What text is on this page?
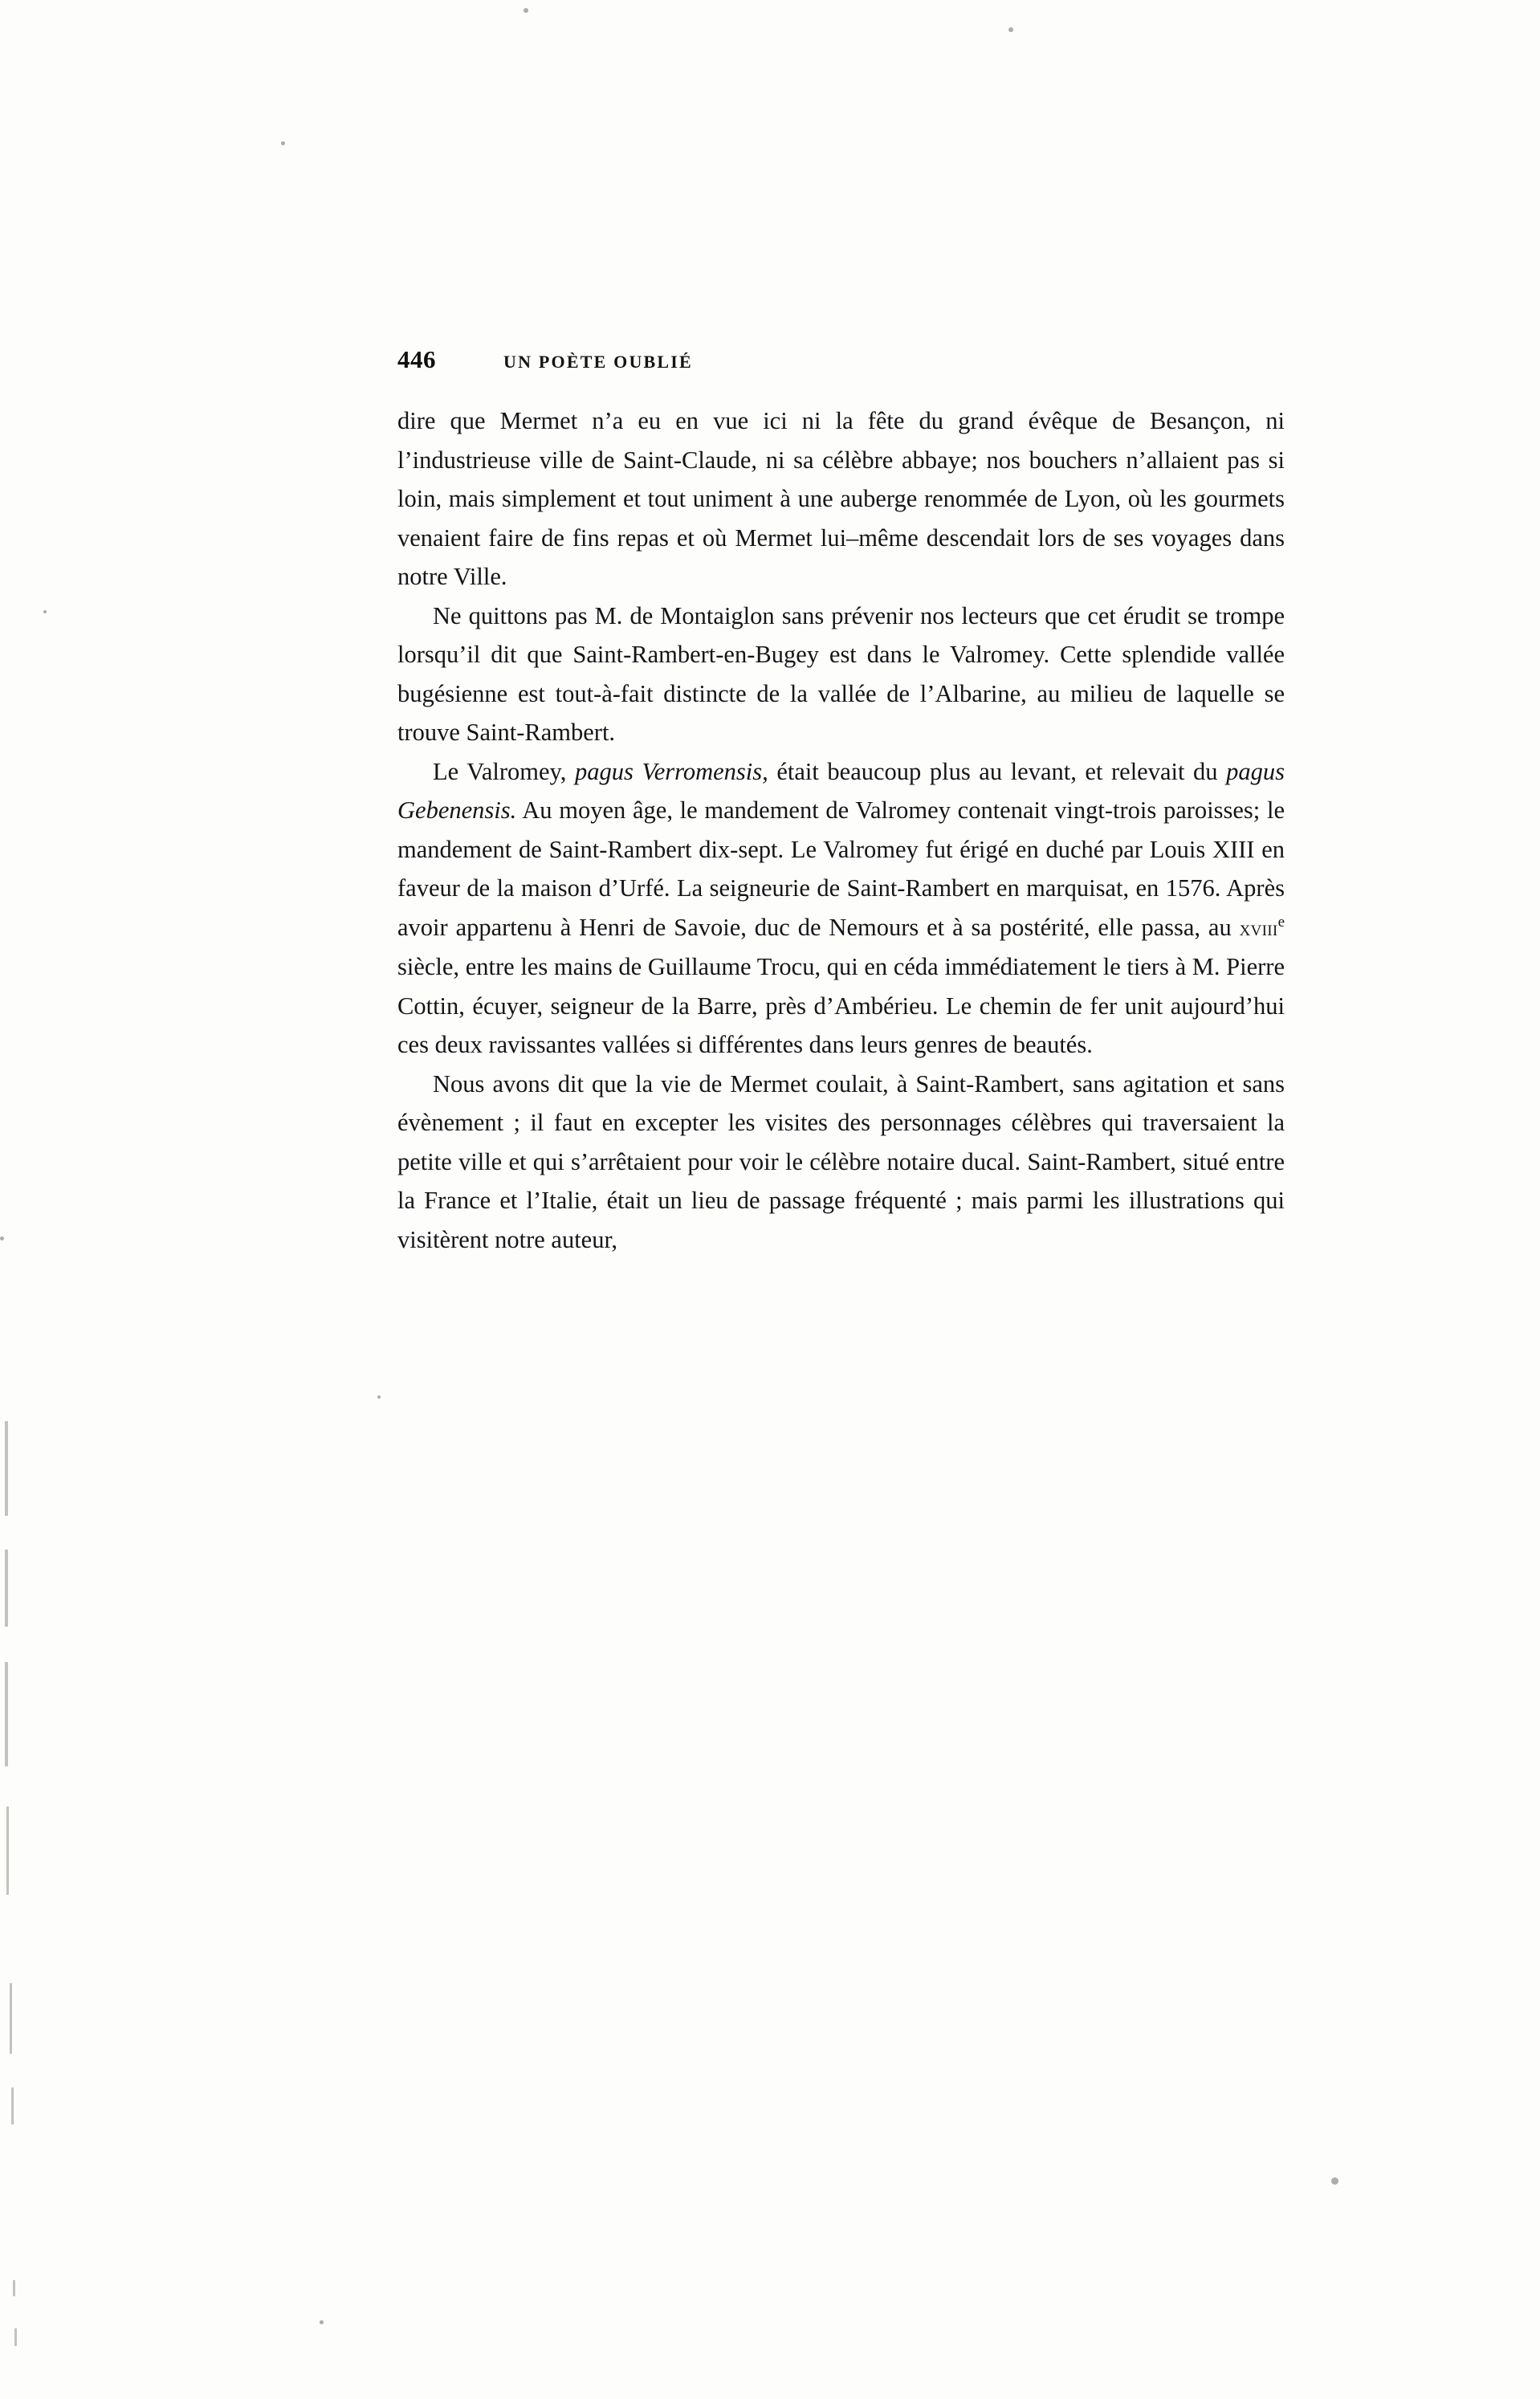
446	UN POÈTE OUBLIÉ

dire que Mermet n’a eu en vue ici ni la fête du grand évêque de Besançon, ni l’industrieuse ville de Saint-Claude, ni sa célèbre abbaye; nos bouchers n’allaient pas si loin, mais simplement et tout uniment à une auberge renommée de Lyon, où les gourmets venaient faire de fins repas et où Mermet lui–même descendait lors de ses voyages dans notre Ville.

Ne quittons pas M. de Montaiglon sans prévenir nos lecteurs que cet érudit se trompe lorsqu’il dit que Saint-Rambert-en-Bugey est dans le Valromey. Cette splendide vallée bugésienne est tout-à-fait distincte de la vallée de l’Albarine, au milieu de laquelle se trouve Saint-Rambert.

Le Valromey, pagus Verromensis, était beaucoup plus au levant, et relevait du pagus Gebenensis. Au moyen âge, le mandement de Valromey contenait vingt-trois paroisses; le mandement de Saint-Rambert dix-sept. Le Valromey fut érigé en duché par Louis XIII en faveur de la maison d’Urfé. La seigneurie de Saint-Rambert en marquisat, en 1576. Après avoir appartenu à Henri de Savoie, duc de Nemours et à sa postérité, elle passa, au xviii$^e$ siècle, entre les mains de Guillaume Trocu, qui en céda immédiatement le tiers à M. Pierre Cottin, écuyer, seigneur de la Barre, près d’Ambérieu. Le chemin de fer unit aujourd’hui ces deux ravissantes vallées si différentes dans leurs genres de beautés.

Nous avons dit que la vie de Mermet coulait, à Saint-Rambert, sans agitation et sans évènement ; il faut en excepter les visites des personnages célèbres qui traversaient la petite ville et qui s’arrêtaient pour voir le célèbre notaire ducal. Saint-Rambert, situé entre la France et l’Italie, était un lieu de passage fréquenté ; mais parmi les illustrations qui visitèrent notre auteur,
